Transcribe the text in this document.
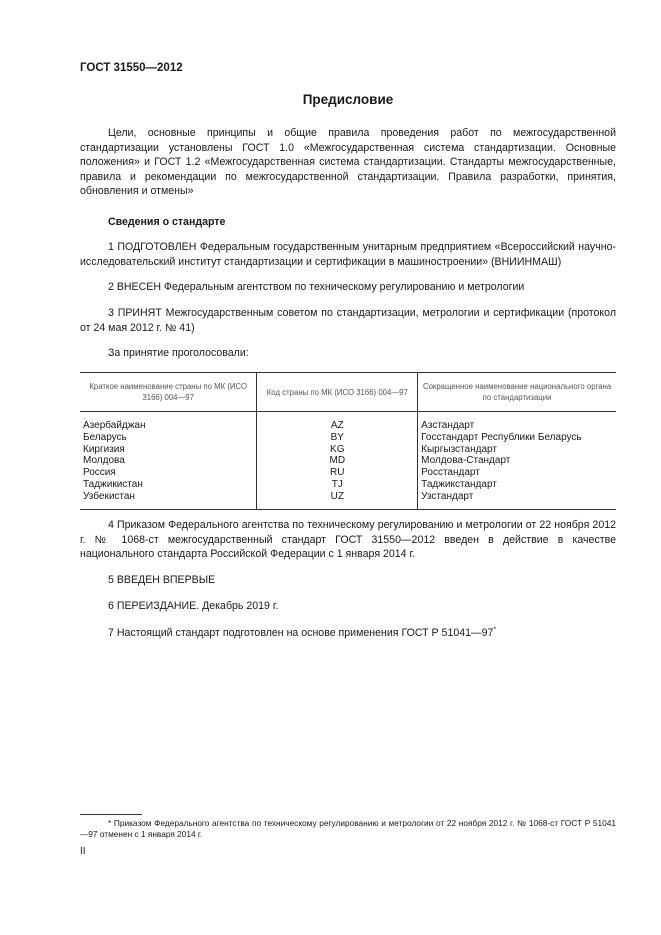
ГОСТ 31550—2012
Предисловие

Цели, основные принципы и общие правила проведения работ по межгосударственной стандартизации установлены ГОСТ 1.0 «Межгосударственная система стандартизации. Основные положения» и ГОСТ 1.2 «Межгосударственная система стандартизации. Стандарты межгосударственные, правила и рекомендации по межгосударственной стандартизации. Правила разработки, принятия, обновления и отмены»

Сведения о стандарте

1 ПОДГОТОВЛЕН Федеральным государственным унитарным предприятием «Всероссийский научно-исследовательский институт стандартизации и сертификации в машиностроении» (ВНИИНМАШ)

2 ВНЕСЕН Федеральным агентством по техническому регулированию и метрологии

3 ПРИНЯТ Межгосударственным советом по стандартизации, метрологии и сертификации (протокол от 24 мая 2012 г. № 41)

За принятие проголосовали:

Краткое наименование страны по МК (ИСО 3166) 004—97	Код страны по МК (ИСО 3166) 004—97	Сокращенное наименование национального органа по стандартизации
Азербайджан	AZ	Азстандарт
Беларусь	BY	Госстандарт Республики Беларусь
Киргизия	KG	Кыргызстандарт
Молдова	MD	Молдова-Стандарт
Россия	RU	Росстандарт
Таджикистан	TJ	Таджикстандарт
Узбекистан	UZ	Узстандарт

4 Приказом Федерального агентства по техническому регулированию и метрологии от 22 ноября 2012 г. № 1068-ст межгосударственный стандарт ГОСТ 31550—2012 введен в действие в качестве национального стандарта Российской Федерации с 1 января 2014 г.

5 ВВЕДЕН ВПЕРВЫЕ

6 ПЕРЕИЗДАНИЕ. Декабрь 2019 г.

7 Настоящий стандарт подготовлен на основе применения ГОСТ Р 51041—97*

* Приказом Федерального агентства по техническому регулированию и метрологии от 22 ноября 2012 г. № 1068-ст ГОСТ Р 51041—97 отменен с 1 января 2014 г.

II
